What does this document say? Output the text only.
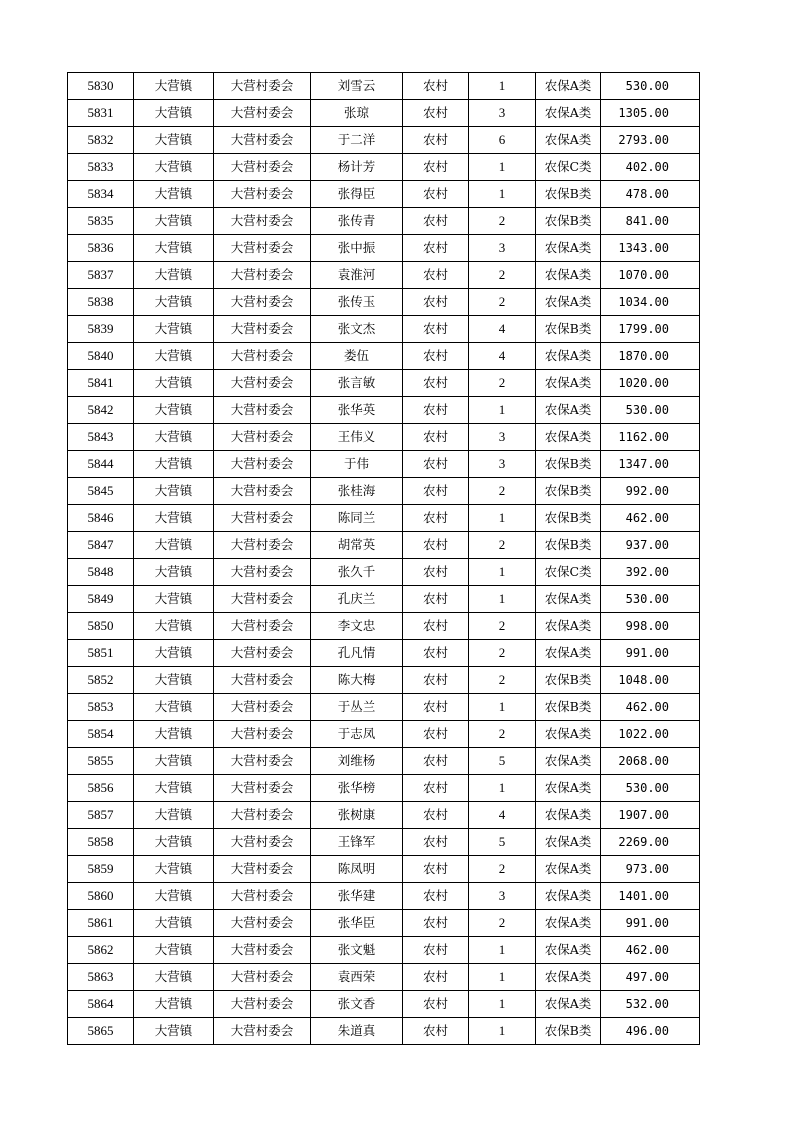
5830	大营镇	大营村委会	刘雪云	农村	1	农保A类	530.00
5831	大营镇	大营村委会	张琼	农村	3	农保A类	1305.00
5832	大营镇	大营村委会	于二洋	农村	6	农保A类	2793.00
5833	大营镇	大营村委会	杨计芳	农村	1	农保C类	402.00
5834	大营镇	大营村委会	张得臣	农村	1	农保B类	478.00
5835	大营镇	大营村委会	张传青	农村	2	农保B类	841.00
5836	大营镇	大营村委会	张中振	农村	3	农保A类	1343.00
5837	大营镇	大营村委会	袁淮河	农村	2	农保A类	1070.00
5838	大营镇	大营村委会	张传玉	农村	2	农保A类	1034.00
5839	大营镇	大营村委会	张文杰	农村	4	农保B类	1799.00
5840	大营镇	大营村委会	娄伍	农村	4	农保A类	1870.00
5841	大营镇	大营村委会	张言敏	农村	2	农保A类	1020.00
5842	大营镇	大营村委会	张华英	农村	1	农保A类	530.00
5843	大营镇	大营村委会	王伟义	农村	3	农保A类	1162.00
5844	大营镇	大营村委会	于伟	农村	3	农保B类	1347.00
5845	大营镇	大营村委会	张桂海	农村	2	农保B类	992.00
5846	大营镇	大营村委会	陈同兰	农村	1	农保B类	462.00
5847	大营镇	大营村委会	胡常英	农村	2	农保B类	937.00
5848	大营镇	大营村委会	张久千	农村	1	农保C类	392.00
5849	大营镇	大营村委会	孔庆兰	农村	1	农保A类	530.00
5850	大营镇	大营村委会	李文忠	农村	2	农保A类	998.00
5851	大营镇	大营村委会	孔凡情	农村	2	农保A类	991.00
5852	大营镇	大营村委会	陈大梅	农村	2	农保B类	1048.00
5853	大营镇	大营村委会	于丛兰	农村	1	农保B类	462.00
5854	大营镇	大营村委会	于志凤	农村	2	农保A类	1022.00
5855	大营镇	大营村委会	刘维杨	农村	5	农保A类	2068.00
5856	大营镇	大营村委会	张华榜	农村	1	农保A类	530.00
5857	大营镇	大营村委会	张树康	农村	4	农保A类	1907.00
5858	大营镇	大营村委会	王锋军	农村	5	农保A类	2269.00
5859	大营镇	大营村委会	陈凤明	农村	2	农保A类	973.00
5860	大营镇	大营村委会	张华建	农村	3	农保A类	1401.00
5861	大营镇	大营村委会	张华臣	农村	2	农保A类	991.00
5862	大营镇	大营村委会	张文魁	农村	1	农保A类	462.00
5863	大营镇	大营村委会	袁西荣	农村	1	农保A类	497.00
5864	大营镇	大营村委会	张文香	农村	1	农保A类	532.00
5865	大营镇	大营村委会	朱道真	农村	1	农保B类	496.00
